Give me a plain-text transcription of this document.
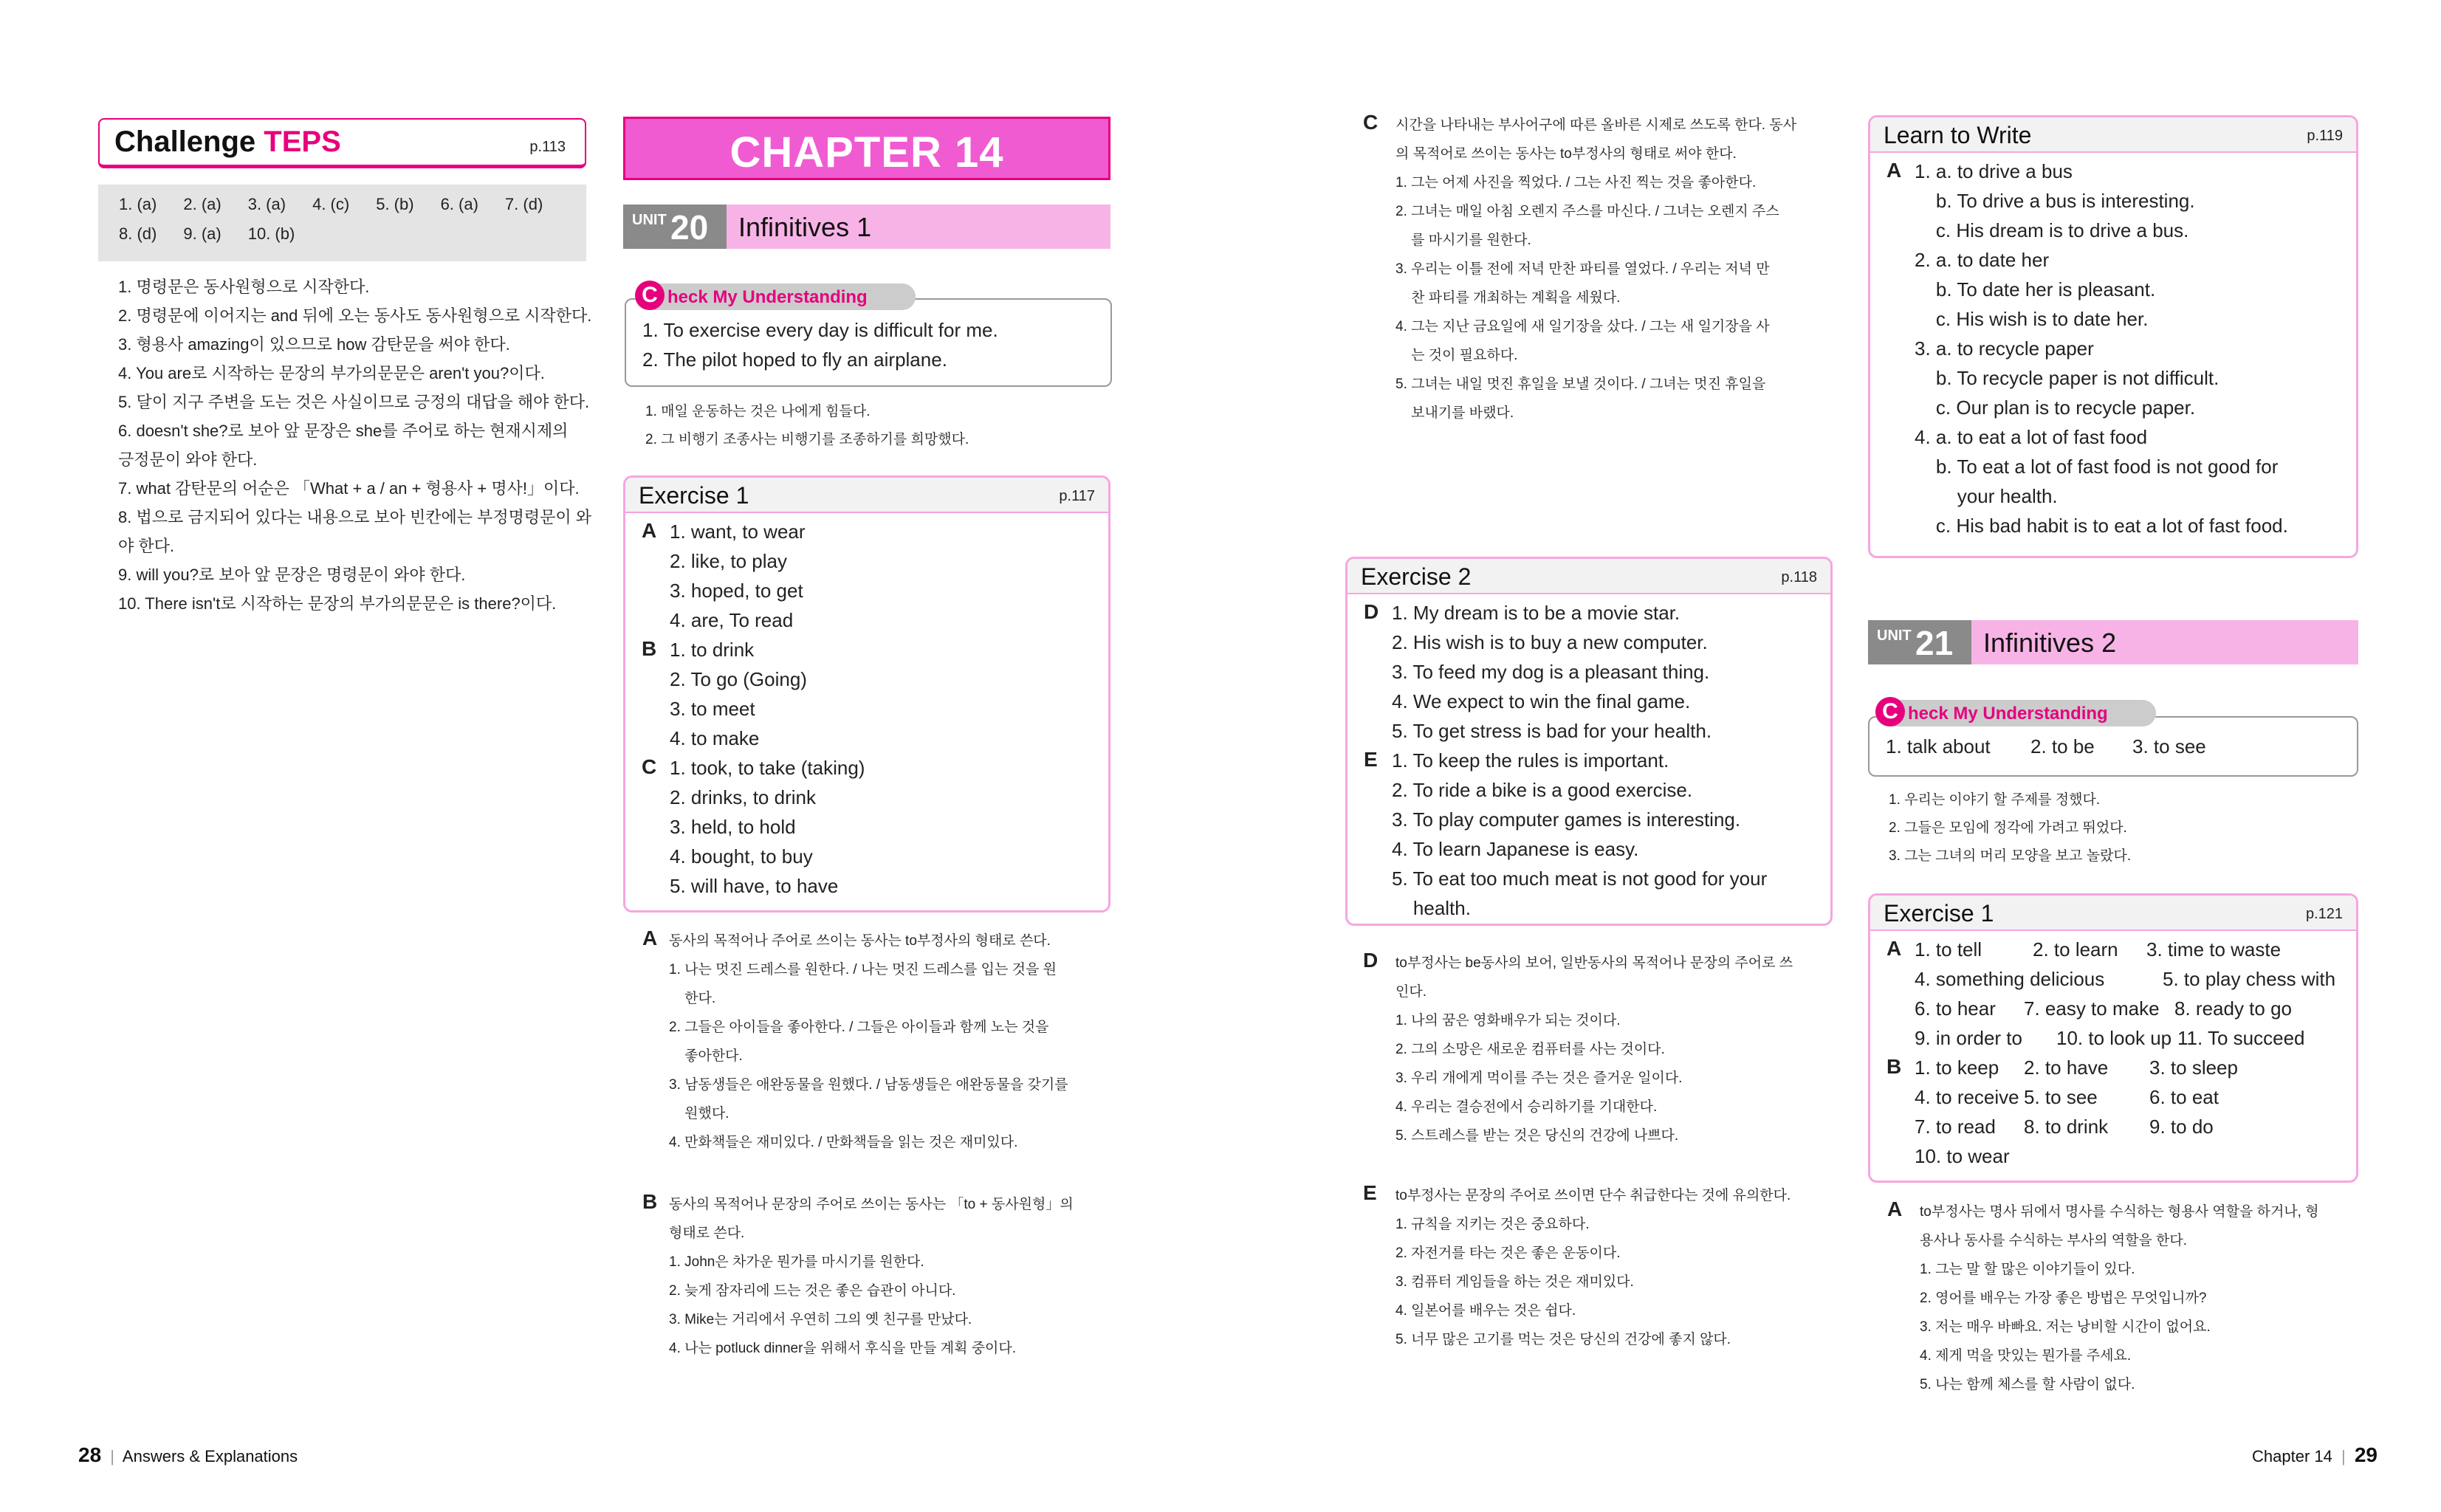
Challenge TEPS	p.113
1. (a) 2. (a) 3. (a) 4. (c) 5. (b) 6. (a) 7. (d)
8. (d) 9. (a) 10. (b)
1. 명령문은 동사원형으로 시작한다.
2. 명령문에 이어지는 and 뒤에 오는 동사도 동사원형으로 시작한다.
3. 형용사 amazing이 있으므로 how 감탄문을 써야 한다.
4. You are로 시작하는 문장의 부가의문문은 aren't you?이다.
5. 달이 지구 주변을 도는 것은 사실이므로 긍정의 대답을 해야 한다.
6. doesn't she?로 보아 앞 문장은 she를 주어로 하는 현재시제의
긍정문이 와야 한다.
7. what 감탄문의 어순은 「What + a / an + 형용사 + 명사!」이다.
8. 법으로 금지되어 있다는 내용으로 보아 빈칸에는 부정명령문이 와
야 한다.
9. will you?로 보아 앞 문장은 명령문이 와야 한다.
10. There isn't로 시작하는 문장의 부가의문문은 is there?이다.
CHAPTER 14
UNIT 20 Infinitives 1
1. To exercise every day is difficult for me.
2. The pilot hoped to fly an airplane.
C heck My Understanding
1. 매일 운동하는 것은 나에게 힘들다.
2. 그 비행기 조종사는 비행기를 조종하기를 희망했다.
Exercise 1	p.117
A 1. want, to wear
2. like, to play
3. hoped, to get
4. are, To read
B 1. to drink
2. To go (Going)
3. to meet
4. to make
C 1. took, to take (taking)
2. drinks, to drink
3. held, to hold
4. bought, to buy
5. will have, to have
A 동사의 목적어나 주어로 쓰이는 동사는 to부정사의 형태로 쓴다.
1. 나는 멋진 드레스를 원한다. / 나는 멋진 드레스를 입는 것을 원
한다.
2. 그들은 아이들을 좋아한다. / 그들은 아이들과 함께 노는 것을
좋아한다.
3. 남동생들은 애완동물을 원했다. / 남동생들은 애완동물을 갖기를
원했다.
4. 만화책들은 재미있다. / 만화책들을 읽는 것은 재미있다.
B 동사의 목적어나 문장의 주어로 쓰이는 동사는 「to + 동사원형」의
형태로 쓴다.
1. John은 차가운 뭔가를 마시기를 원한다.
2. 늦게 잠자리에 드는 것은 좋은 습관이 아니다.
3. Mike는 거리에서 우연히 그의 옛 친구를 만났다.
4. 나는 potluck dinner을 위해서 후식을 만들 계획 중이다.
C 시간을 나타내는 부사어구에 따른 올바른 시제로 쓰도록 한다. 동사
의 목적어로 쓰이는 동사는 to부정사의 형태로 써야 한다.
1. 그는 어제 사진을 찍었다. / 그는 사진 찍는 것을 좋아한다.
2. 그녀는 매일 아침 오렌지 주스를 마신다. / 그녀는 오렌지 주스
를 마시기를 원한다.
3. 우리는 이틀 전에 저녁 만찬 파티를 열었다. / 우리는 저녁 만
찬 파티를 개최하는 계획을 세웠다.
4. 그는 지난 금요일에 새 일기장을 샀다. / 그는 새 일기장을 사
는 것이 필요하다.
5. 그녀는 내일 멋진 휴일을 보낼 것이다. / 그녀는 멋진 휴일을
보내기를 바랬다.
Exercise 2	p.118
D 1. My dream is to be a movie star.
2. His wish is to buy a new computer.
3. To feed my dog is a pleasant thing.
4. We expect to win the final game.
5. To get stress is bad for your health.
E 1. To keep the rules is important.
2. To ride a bike is a good exercise.
3. To play computer games is interesting.
4. To learn Japanese is easy.
5. To eat too much meat is not good for your
health.
D to부정사는 be동사의 보어, 일반동사의 목적어나 문장의 주어로 쓰
인다.
1. 나의 꿈은 영화배우가 되는 것이다.
2. 그의 소망은 새로운 컴퓨터를 사는 것이다.
3. 우리 개에게 먹이를 주는 것은 즐거운 일이다.
4. 우리는 결승전에서 승리하기를 기대한다.
5. 스트레스를 받는 것은 당신의 건강에 나쁘다.
E to부정사는 문장의 주어로 쓰이면 단수 취급한다는 것에 유의한다.
1. 규칙을 지키는 것은 중요하다.
2. 자전거를 타는 것은 좋은 운동이다.
3. 컴퓨터 게임들을 하는 것은 재미있다.
4. 일본어를 배우는 것은 쉽다.
5. 너무 많은 고기를 먹는 것은 당신의 건강에 좋지 않다.
Learn to Write	p.119
A 1. a. to drive a bus
b. To drive a bus is interesting.
c. His dream is to drive a bus.
2. a. to date her
b. To date her is pleasant.
c. His wish is to date her.
3. a. to recycle paper
b. To recycle paper is not difficult.
c. Our plan is to recycle paper.
4. a. to eat a lot of fast food
b. To eat a lot of fast food is not good for
your health.
c. His bad habit is to eat a lot of fast food.
UNIT 21 Infinitives 2
1. talk about 2. to be 3. to see
C heck My Understanding
1. 우리는 이야기 할 주제를 정했다.
2. 그들은 모임에 정각에 가려고 뛰었다.
3. 그는 그녀의 머리 모양을 보고 놀랐다.
Exercise 1	p.121
A 1. to tell	2. to learn 3. time to waste
4. something delicious	5. to play chess with
6. to hear 7. easy to make 8. ready to go
9. in order to 10. to look up 11. To succeed
B 1. to keep 2. to have 3. to sleep
4. to receive 5. to see	6. to eat
7. to read 8. to drink 9. to do
10. to wear
A to부정사는 명사 뒤에서 명사를 수식하는 형용사 역할을 하거나, 형
용사나 동사를 수식하는 부사의 역할을 한다.
1. 그는 말 할 많은 이야기들이 있다.
2. 영어를 배우는 가장 좋은 방법은 무엇입니까?
3. 저는 매우 바빠요. 저는 낭비할 시간이 없어요.
4. 제게 먹을 맛있는 뭔가를 주세요.
5. 나는 함께 체스를 할 사람이 없다.
28 | Answers & Explanations	Chapter 14 | 29
